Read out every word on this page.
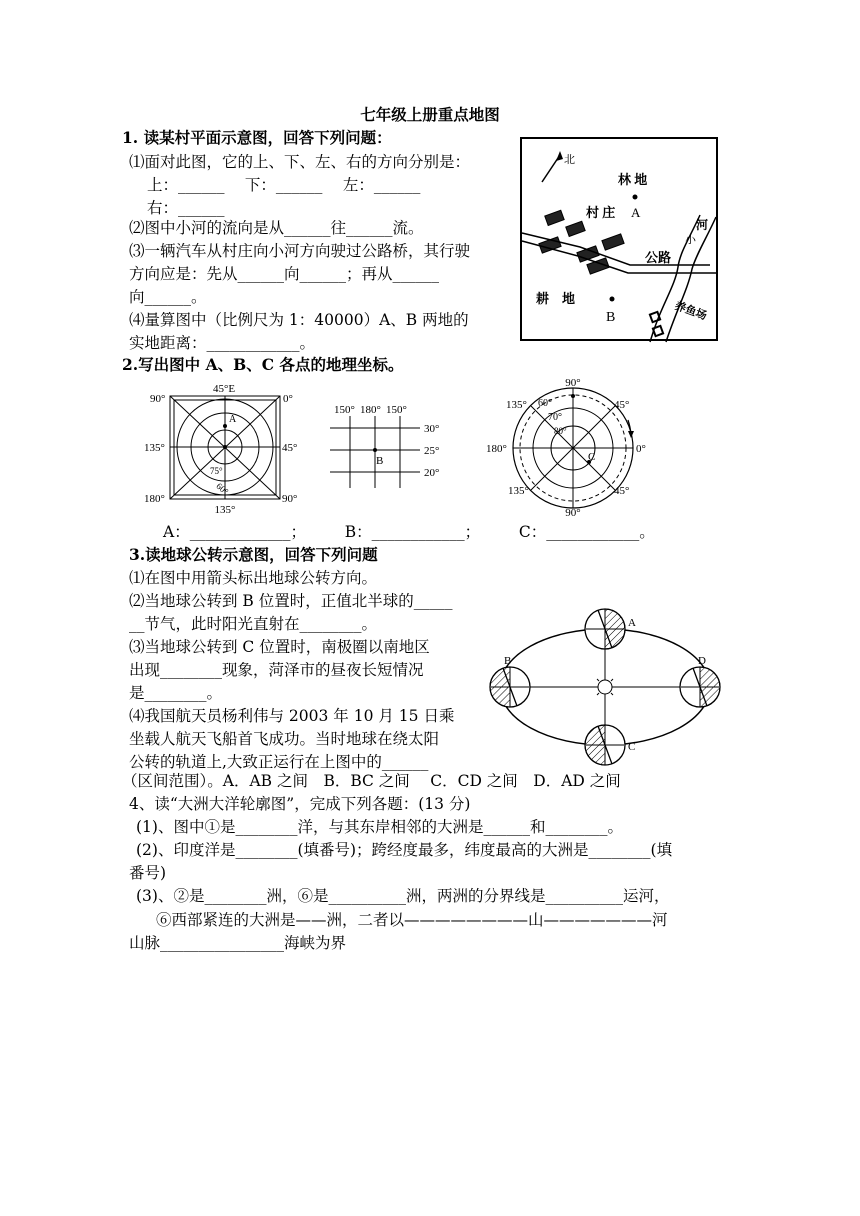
七年级上册重点地图
1. 读某村平面示意图，回答下列问题：
⑴面对此图，它的上、下、左、右的方向分别是：
上：______　 下：______　 左：______
右：______
⑵图中小河的流向是从______往______流。
⑶一辆汽车从村庄向小河方向驶过公路桥，其行驶
方向应是：先从______向______；再从______
向______。
⑷量算图中（比例尺为 1：40000）A、B 两地的
实地距离：____________。
北
林 地
A
村 庄
公路
河
小
耕　地
B	养鱼场
2.写出图中 A、B、C 各点的地理坐标。
45°E
90°	0°
135°	45°
180°
135°
90°
75°
60°
A
150° 180° 150°
30°
25°
20°
B
90°
135° 60°	45°
70°
80°
180°	0°
135°	45°
90°
C
A：_____________；　　　B：____________；　　　C：____________。
3.读地球公转示意图，回答下列问题
⑴在图中用箭头标出地球公转方向。
⑵当地球公转到 B 位置时，正值北半球的_____
__节气，此时阳光直射在________。
⑶当地球公转到 C 位置时，南极圈以南地区
出现________现象，菏泽市的昼夜长短情况
是________。
⑷我国航天员杨利伟与 2003 年 10 月 15 日乘
坐载人航天飞船首飞成功。当时地球在绕太阳
公转的轨道上,大致正运行在上图中的______
（区间范围）。A．AB 之间　B．BC 之间　 C．CD 之间　D．AD 之间
A
C
B	D
4、读“大洲大洋轮廓图”，完成下列各题：(13 分)
(1)、图中①是________洋，与其东岸相邻的大洲是______和________。
(2)、印度洋是________(填番号)；跨经度最多，纬度最高的大洲是________(填
番号)
(3)、②是________洲，⑥是__________洲，两洲的分界线是__________运河，
⑥西部紧连的大洲是——洲，二者以————————山———————河
山脉________________海峡为界
